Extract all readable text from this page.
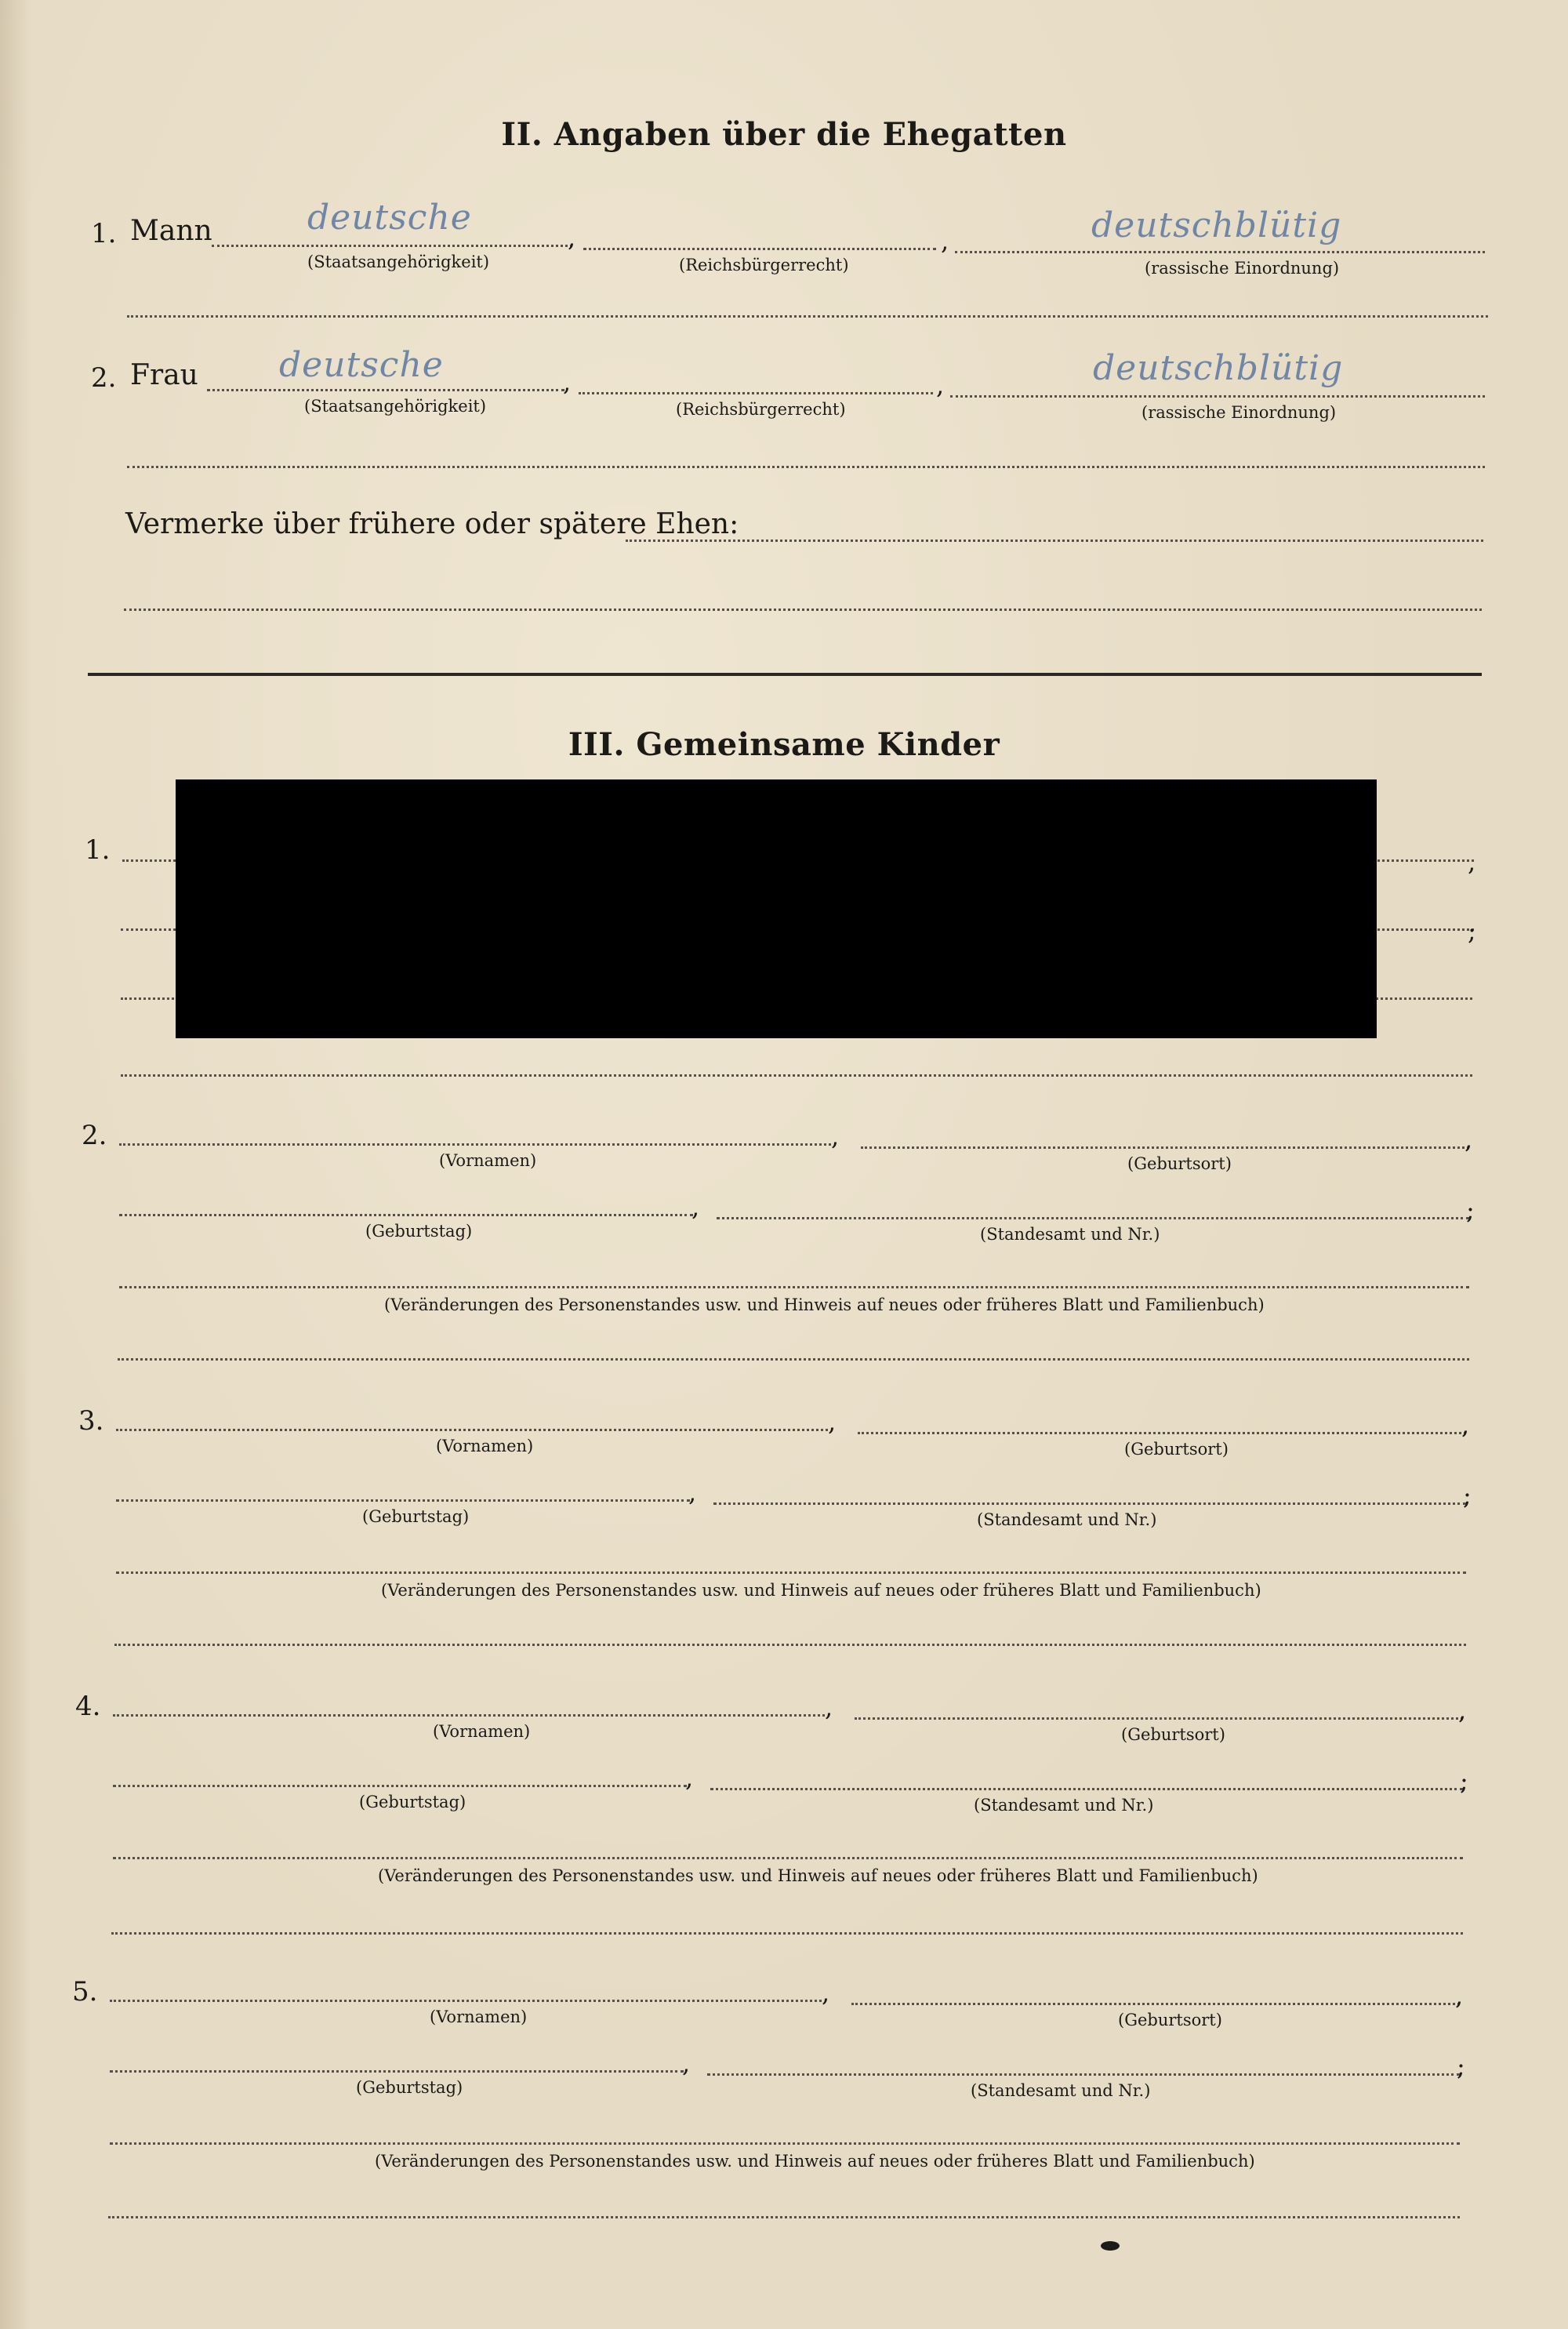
II. Angaben über die Ehegatten
1. Mann	deutsche	,	,	deutschblütig
(Staatsangehörigkeit)	(Reichsbürgerrecht)	(rassische Einordnung)
2. Frau deutsche	,	,	deutschblütig
(Staatsangehörigkeit)	(Reichsbürgerrecht)	(rassische Einordnung)
Vermerke über frühere oder spätere Ehen:
III. Gemeinsame Kinder
1.	,
;
2.	,	,
(Vornamen)	(Geburtsort)
,	;
(Geburtstag)	(Standesamt und Nr.)
(Veränderungen des Personenstandes usw. und Hinweis auf neues oder früheres Blatt und Familienbuch)
3.	,	,
(Vornamen)	(Geburtsort)
,	;
(Geburtstag)	(Standesamt und Nr.)
(Veränderungen des Personenstandes usw. und Hinweis auf neues oder früheres Blatt und Familienbuch)
4.	,	,
(Vornamen)	(Geburtsort)
,	;
(Geburtstag)	(Standesamt und Nr.)
(Veränderungen des Personenstandes usw. und Hinweis auf neues oder früheres Blatt und Familienbuch)
5.	,	,
(Vornamen)	(Geburtsort)
,	;
(Geburtstag)	(Standesamt und Nr.)
(Veränderungen des Personenstandes usw. und Hinweis auf neues oder früheres Blatt und Familienbuch)
